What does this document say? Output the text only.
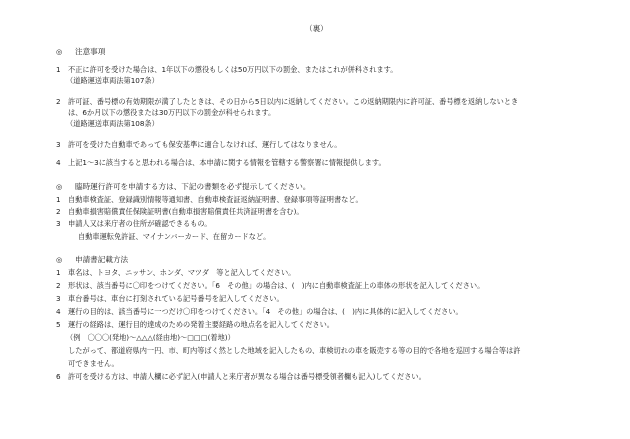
（裏）
◎ 注意事項
1 不正に許可を受けた場合は、1年以下の懲役もしくは50万円以下の罰金、またはこれが併科されます。
（道路運送車両法第107条）
2 許可証、番号標の有効期限が満了したときは、その日から5日以内に返納してください。この返納期限内に許可証、番号標を返納しないとき
は、6か月以下の懲役または30万円以下の罰金が科せられます。
（道路運送車両法第108条）
3 許可を受けた自動車であっても保安基準に適合しなければ、運行してはなりません。
4 上記1～3に該当すると思われる場合は、本申請に関する情報を管轄する警察署に情報提供します。
◎ 臨時運行許可を申請する方は、下記の書類を必ず提示してください。
1 自動車検査証、登録識別情報等通知書、自動車検査証返納証明書、登録事項等証明書など。
2 自動車損害賠償責任保険証明書(自動車損害賠償責任共済証明書を含む)。
3 申請人又は来庁者の住所が確認できるもの。
自動車運転免許証、マイナンバーカード、在留カードなど。
◎ 申請書記載方法
1 車名は、トヨタ、ニッサン、ホンダ、マツダ　等と記入してください。
2 形状は、該当番号に〇印をつけてください。「6　その他」の場合は、(　)内に自動車検査証上の車体の形状を記入してください。
3 車台番号は、車台に打刻されている記号番号を記入してください。
4 運行の目的は、該当番号に一つだけ〇印をつけてください。「4　その他」の場合は、(　)内に具体的に記入してください。
5 運行の経路は、運行目的達成のための発着主要経路の地点名を記入してください。
（例　〇〇〇(発地)～△△△(経由地)～□□□(着地)）
したがって、都道府県内一円、市、町内等ばく然とした地域を記入したもの、車検切れの車を販売する等の目的で各地を巡回する場合等は許
可できません。
6 許可を受ける方は、申請人欄に必ず記入(申請人と来庁者が異なる場合は番号標受領者欄も記入)してください。
